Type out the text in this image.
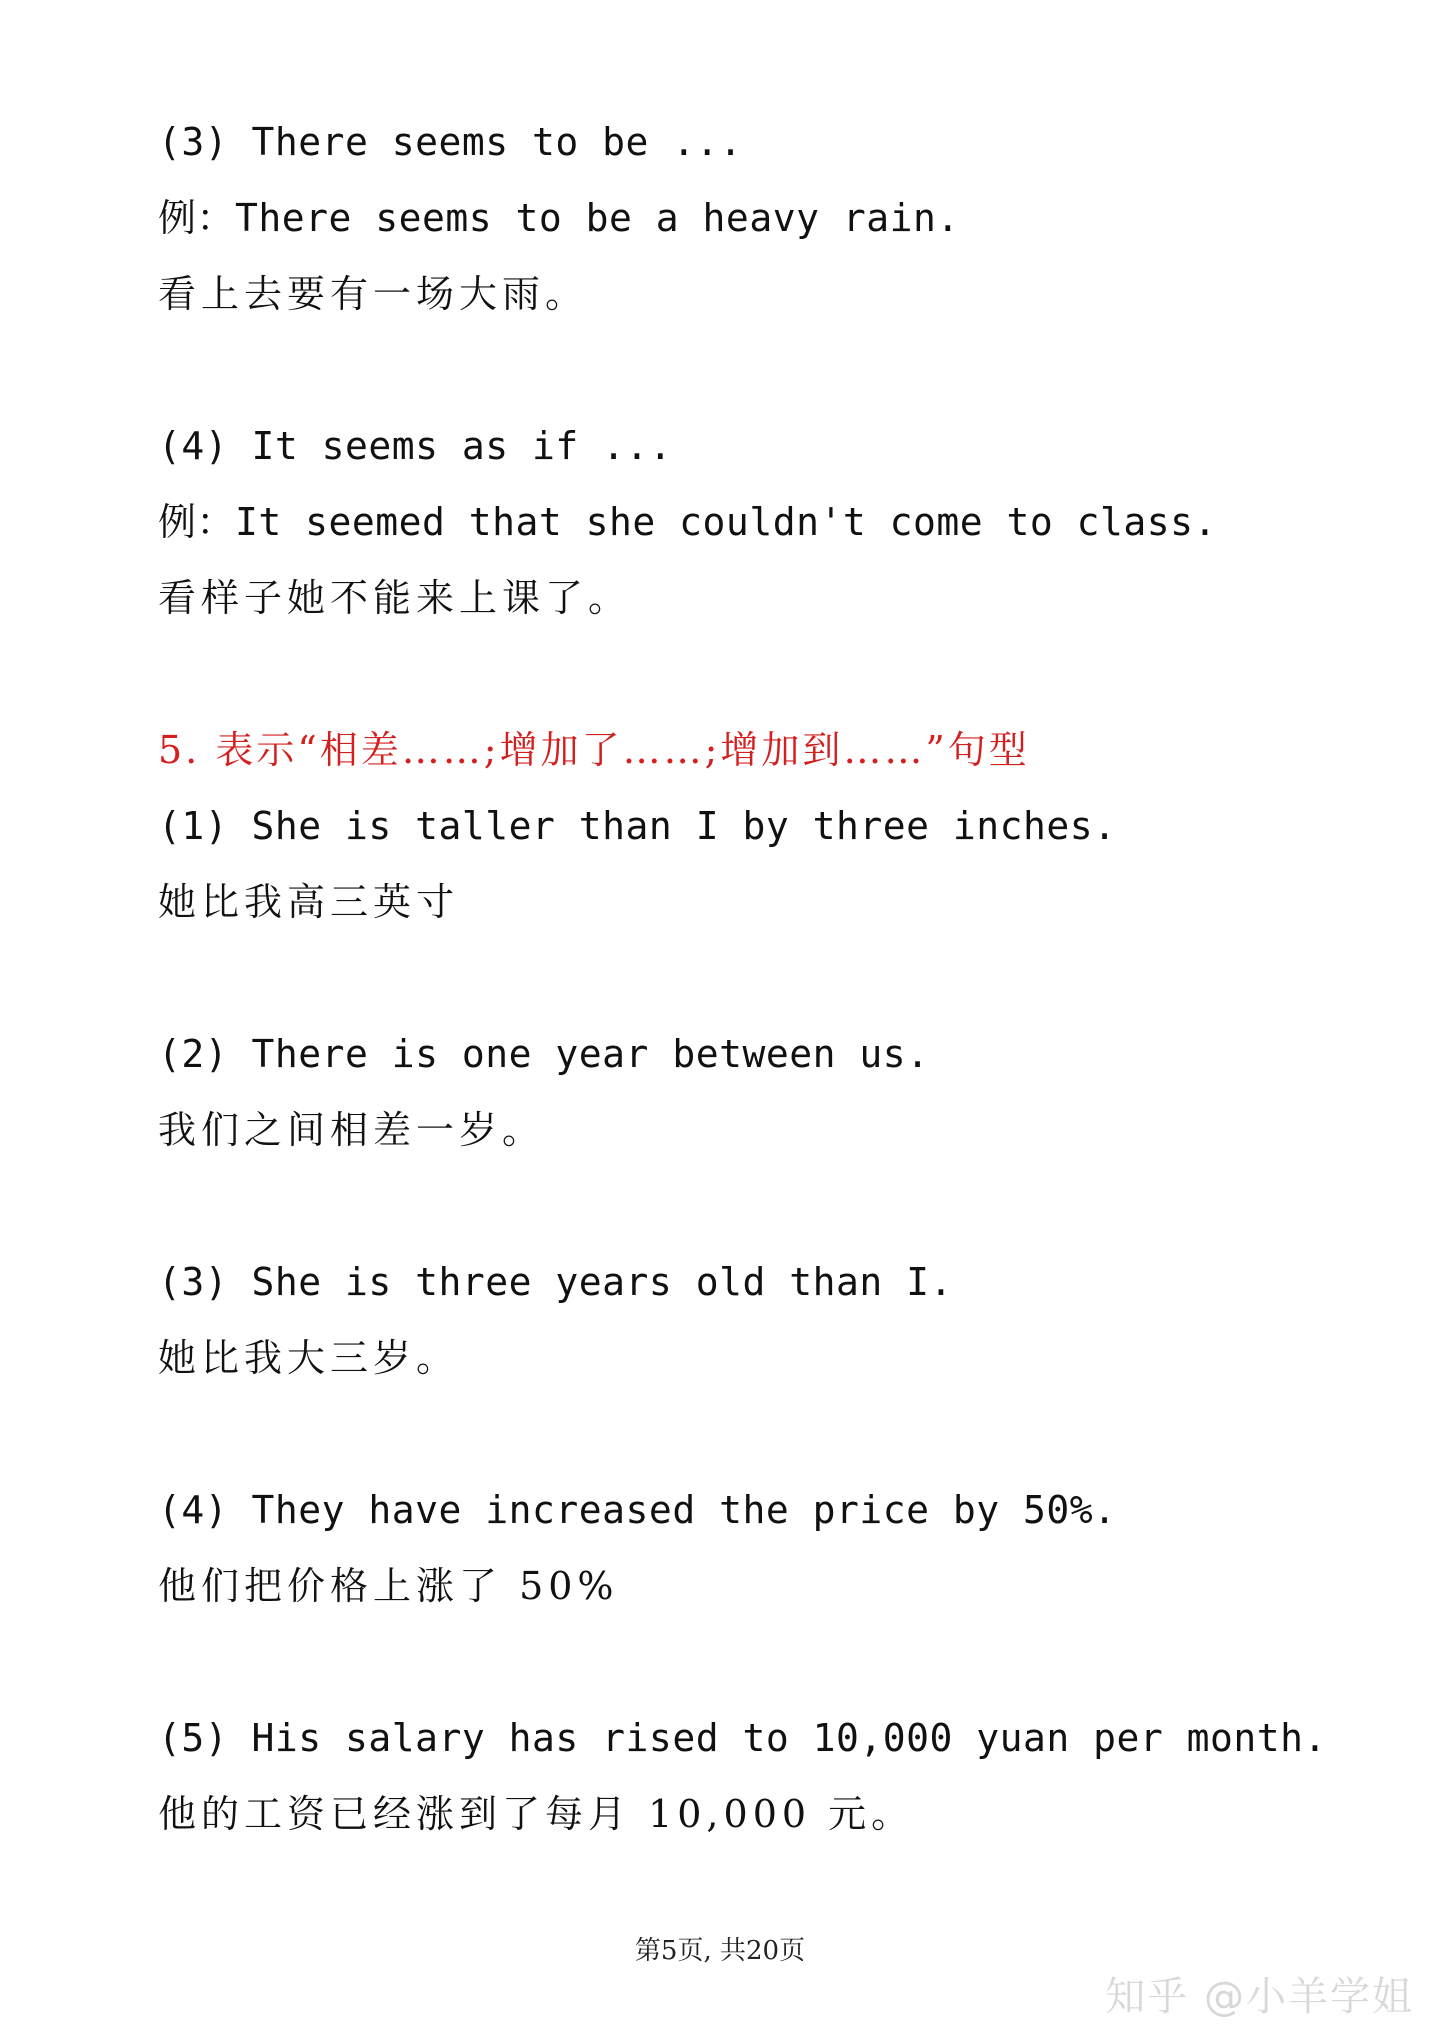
(3) There seems to be ...
例：There seems to be a heavy rain.
看上去要有一场大雨。
(4) It seems as if ...
例：It seemed that she couldn't come to class.
看样子她不能来上课了。
5. 表示“相差……;增加了……;增加到……”句型
(1) She is taller than I by three inches.
她比我高三英寸
(2) There is one year between us.
我们之间相差一岁。
(3) She is three years old than I.
她比我大三岁。
(4) They have increased the price by 50%.
他们把价格上涨了 50%
(5) His salary has rised to 10,000 yuan per month.
他的工资已经涨到了每月 10,000 元。
第5页, 共20页
知乎 @小羊学姐
